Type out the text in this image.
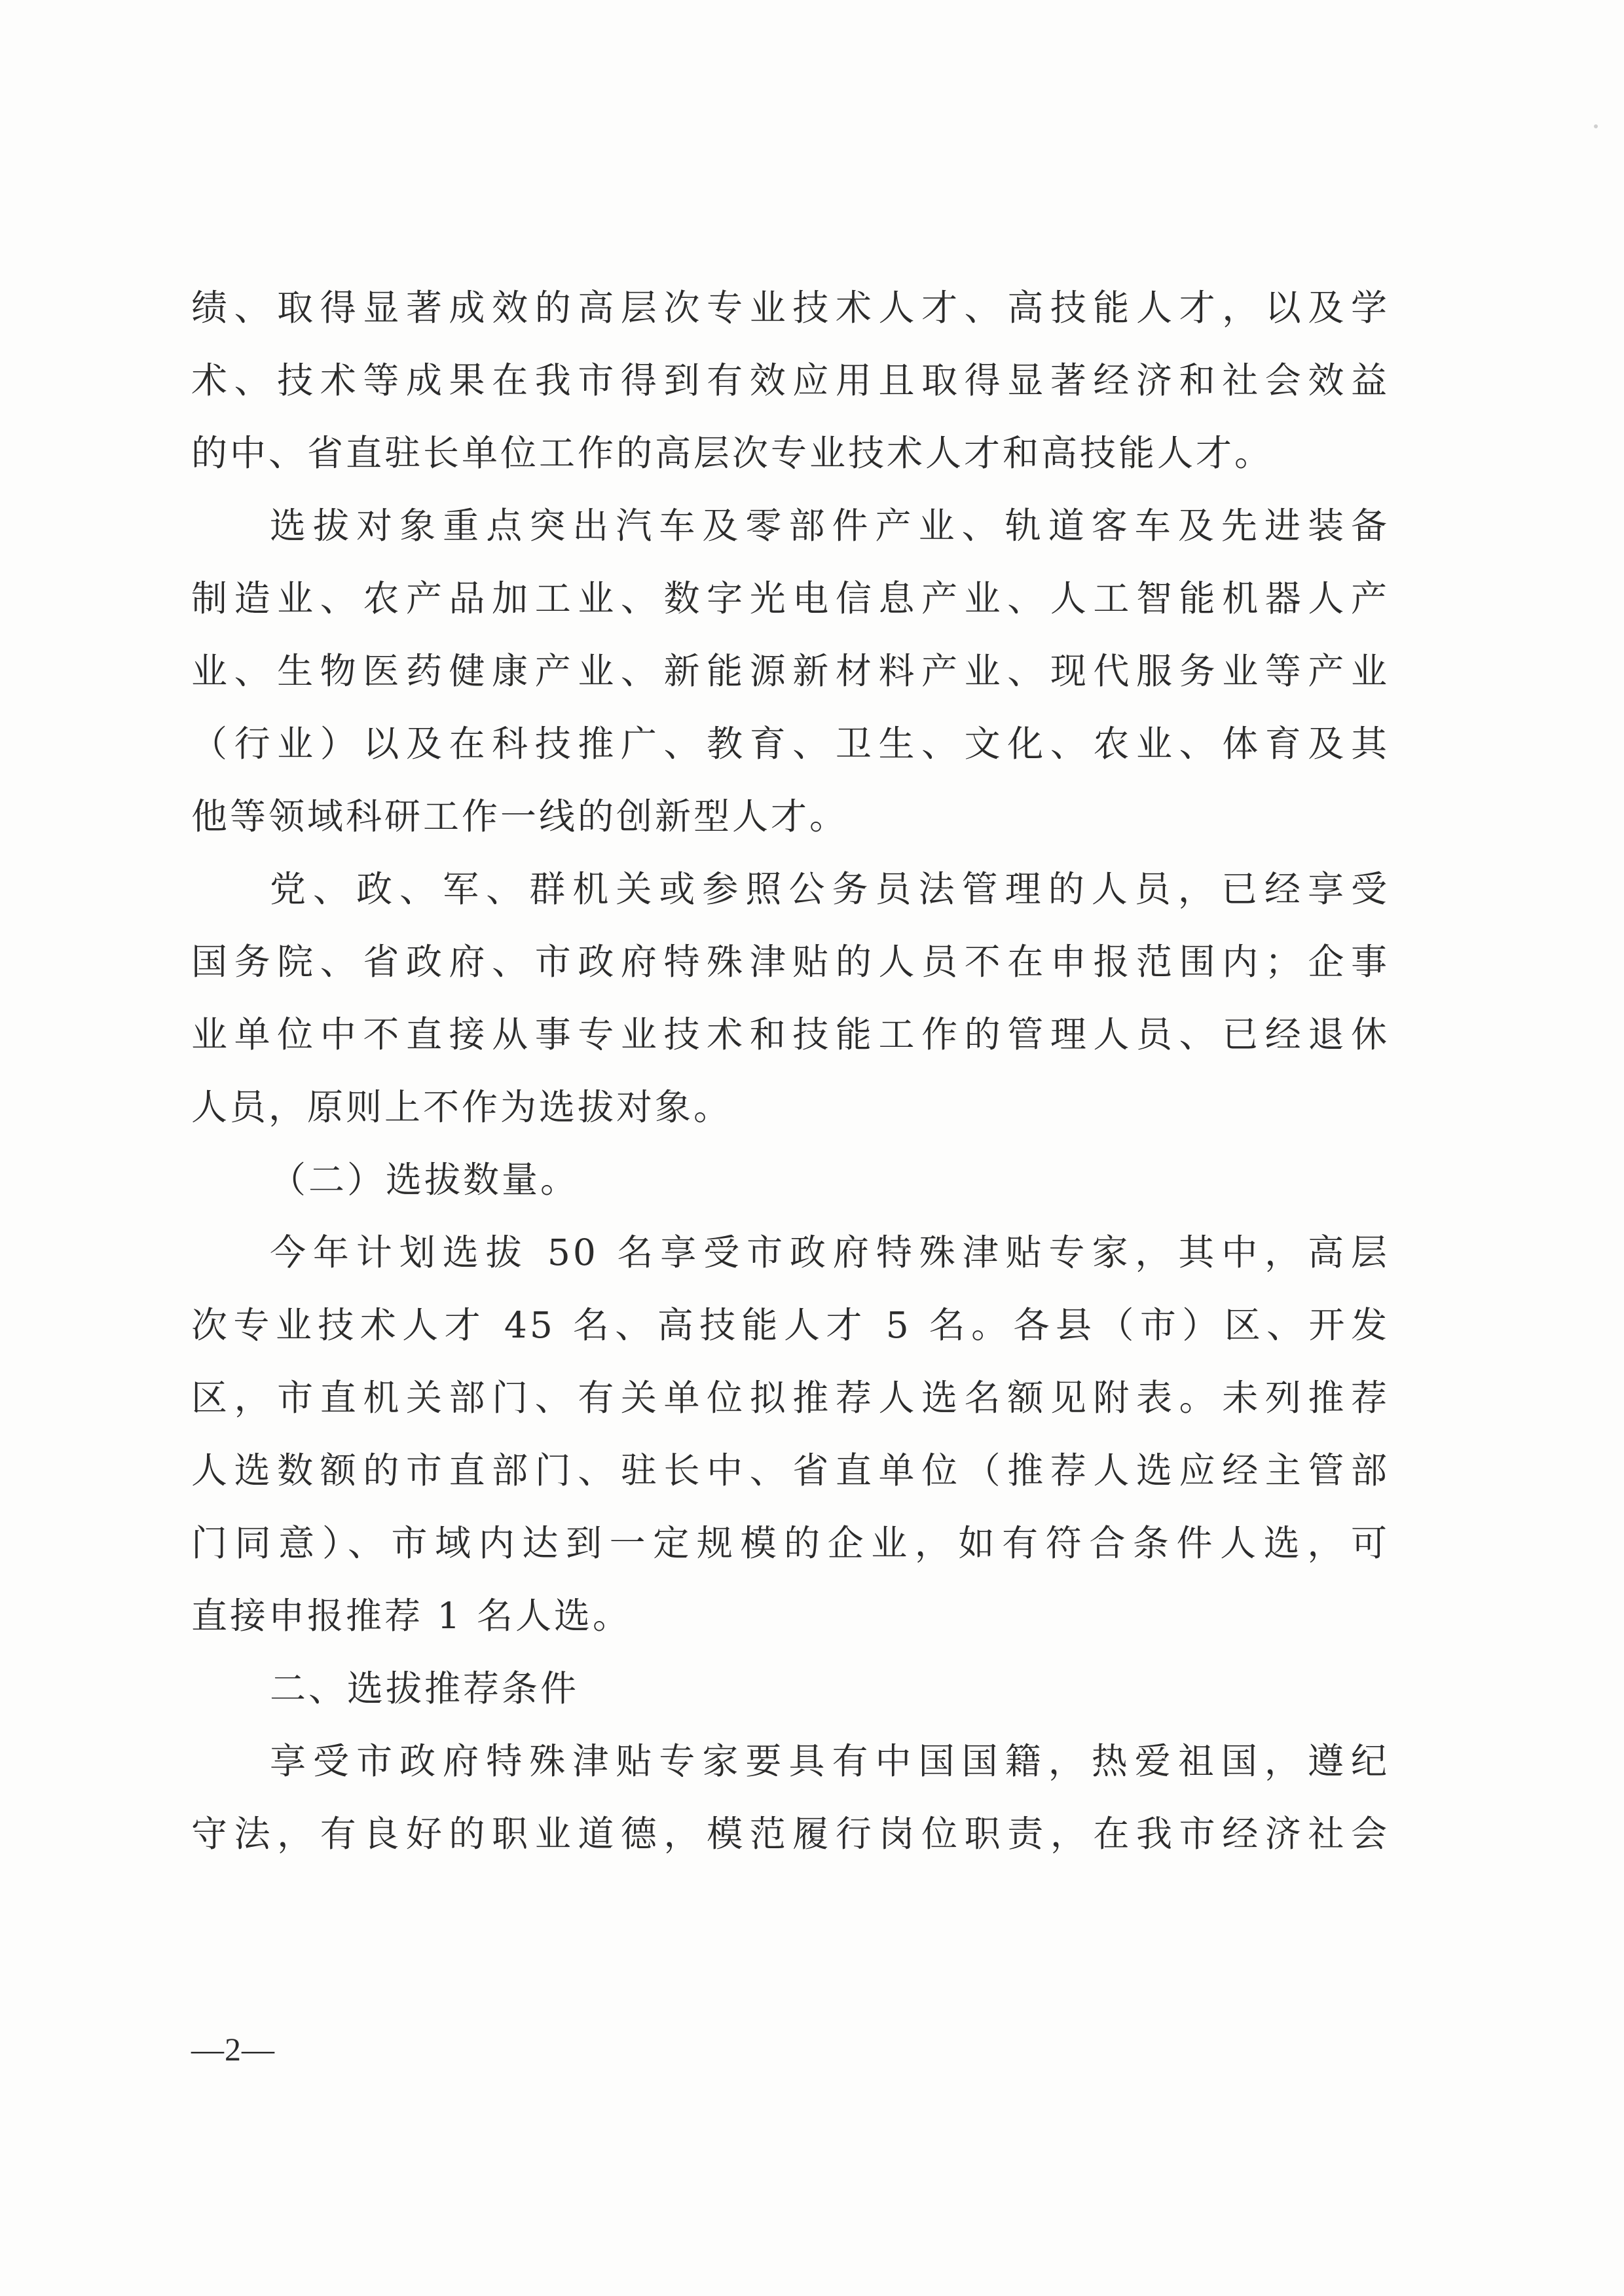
绩、取得显著成效的高层次专业技术人才、高技能人才，以及学
术、技术等成果在我市得到有效应用且取得显著经济和社会效益
的中、省直驻长单位工作的高层次专业技术人才和高技能人才。
选拔对象重点突出汽车及零部件产业、轨道客车及先进装备
制造业、农产品加工业、数字光电信息产业、人工智能机器人产
业、生物医药健康产业、新能源新材料产业、现代服务业等产业
（行业）以及在科技推广、教育、卫生、文化、农业、体育及其
他等领域科研工作一线的创新型人才。
党、政、军、群机关或参照公务员法管理的人员，已经享受
国务院、省政府、市政府特殊津贴的人员不在申报范围内；企事
业单位中不直接从事专业技术和技能工作的管理人员、已经退休
人员，原则上不作为选拔对象。
（二）选拔数量。
今年计划选拔 50 名享受市政府特殊津贴专家，其中，高层
次专业技术人才 45 名、高技能人才 5 名。各县（市）区、开发
区，市直机关部门、有关单位拟推荐人选名额见附表。未列推荐
人选数额的市直部门、驻长中、省直单位（推荐人选应经主管部
门同意）、市域内达到一定规模的企业，如有符合条件人选，可
直接申报推荐 1 名人选。
二、选拔推荐条件
享受市政府特殊津贴专家要具有中国国籍，热爱祖国，遵纪
守法，有良好的职业道德，模范履行岗位职责，在我市经济社会
—2—
